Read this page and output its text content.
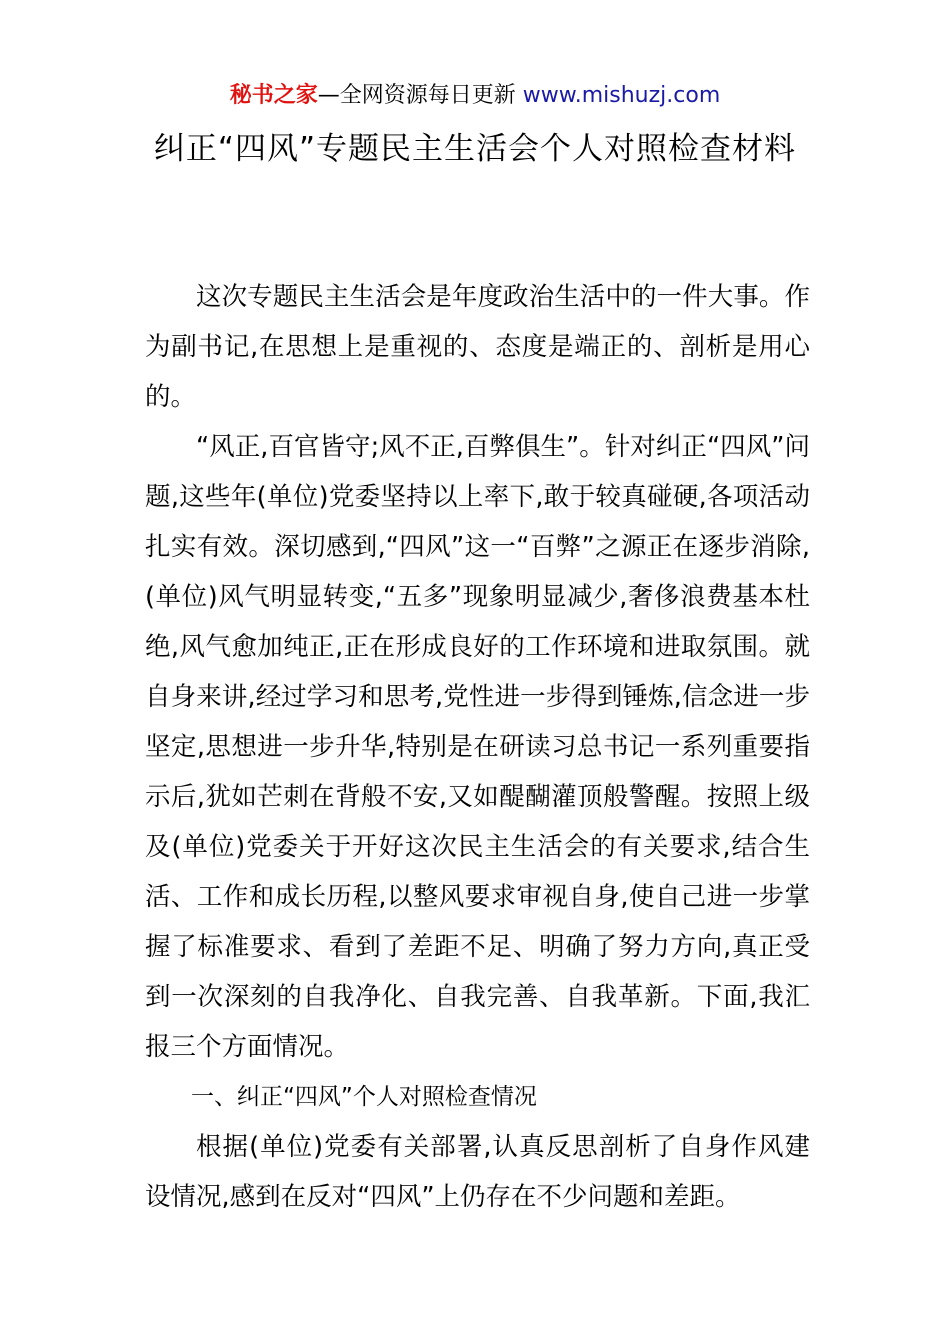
秘书之家—全网资源每日更新 www.mishuzj.com
纠正“四风”专题民主生活会个人对照检查材料

这次专题民主生活会是年度政治生活中的一件大事。作为副书记,在思想上是重视的、态度是端正的、剖析是用心的。

“风正,百官皆守;风不正,百弊俱生”。针对纠正“四风”问题,这些年(单位)党委坚持以上率下,敢于较真碰硬,各项活动扎实有效。深切感到,“四风”这一“百弊”之源正在逐步消除,(单位)风气明显转变,“五多”现象明显减少,奢侈浪费基本杜绝,风气愈加纯正,正在形成良好的工作环境和进取氛围。就自身来讲,经过学习和思考,党性进一步得到锤炼,信念进一步坚定,思想进一步升华,特别是在研读习总书记一系列重要指示后,犹如芒刺在背般不安,又如醍醐灌顶般警醒。按照上级及(单位)党委关于开好这次民主生活会的有关要求,结合生活、工作和成长历程,以整风要求审视自身,使自己进一步掌握了标准要求、看到了差距不足、明确了努力方向,真正受到一次深刻的自我净化、自我完善、自我革新。下面,我汇报三个方面情况。

一、纠正“四风”个人对照检查情况

根据(单位)党委有关部署,认真反思剖析了自身作风建设情况,感到在反对“四风”上仍存在不少问题和差距。
